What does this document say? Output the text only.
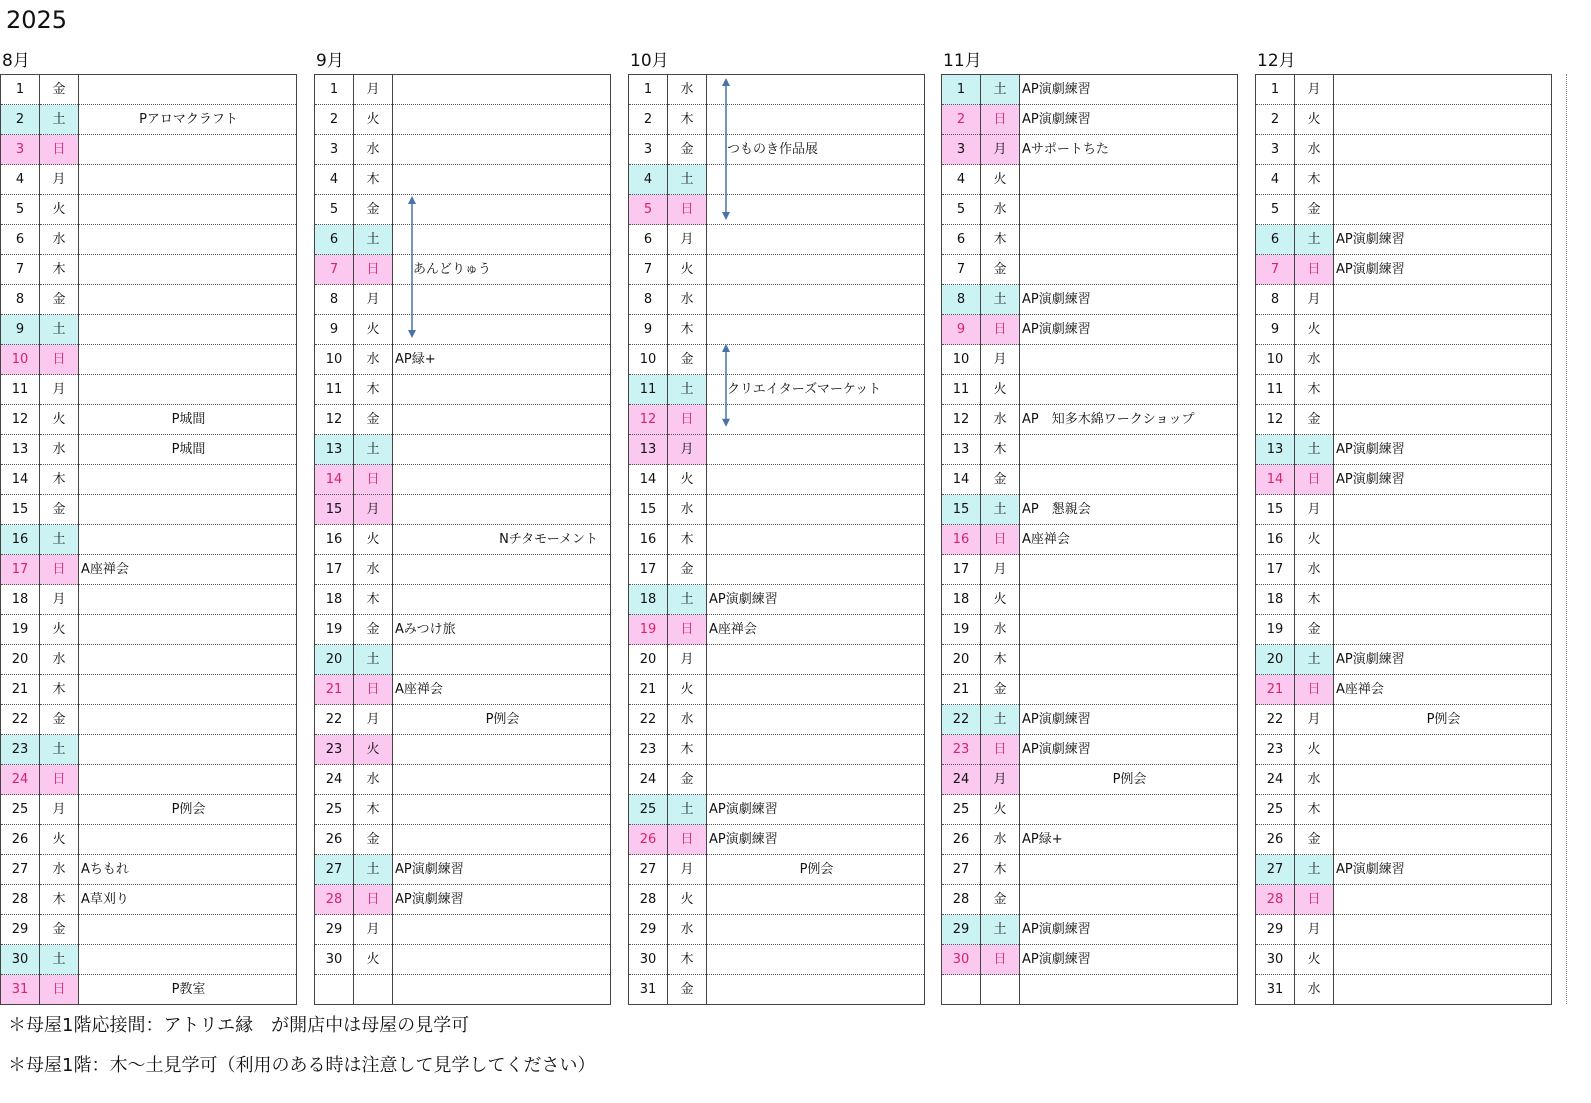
2025
8月
1	金	
2	土	Pアロマクラフト
3	日	
4	月	
5	火	
6	水	
7	木	
8	金	
9	土	
10	日	
11	月	
12	火	P城間
13	水	P城間
14	木	
15	金	
16	土	
17	日	A座禅会
18	月	
19	火	
20	水	
21	木	
22	金	
23	土	
24	日	
25	月	P例会
26	火	
27	水	Aちもれ
28	木	A草刈り
29	金	
30	土	
31	日	P教室
9月
1	月	
2	火	
3	水	
4	木	
5	金	
6	土	
7	日	あんどりゅう
8	月	
9	火	
10	水	AP緑+
11	木	
12	金	
13	土	
14	日	
15	月	
16	火	Nチタモーメント
17	水	
18	木	
19	金	Aみつけ旅
20	土	
21	日	A座禅会
22	月	P例会
23	火	
24	水	
25	木	
26	金	
27	土	AP演劇練習
28	日	AP演劇練習
29	月	
30	火	

10月
1	水	
2	木	
3	金	つものき作品展
4	土	
5	日	
6	月	
7	火	
8	水	
9	木	
10	金	
11	土	クリエイターズマーケット
12	日	
13	月	
14	火	
15	水	
16	木	
17	金	
18	土	AP演劇練習
19	日	A座禅会
20	月	
21	火	
22	水	
23	木	
24	金	
25	土	AP演劇練習
26	日	AP演劇練習
27	月	P例会
28	火	
29	水	
30	木	
31	金	
11月
1	土	AP演劇練習
2	日	AP演劇練習
3	月	Aサポートちた
4	火	
5	水	
6	木	
7	金	
8	土	AP演劇練習
9	日	AP演劇練習
10	月	
11	火	
12	水	AP　知多木綿ワークショップ
13	木	
14	金	
15	土	AP　懇親会
16	日	A座禅会
17	月	
18	火	
19	水	
20	木	
21	金	
22	土	AP演劇練習
23	日	AP演劇練習
24	月	P例会
25	火	
26	水	AP緑+
27	木	
28	金	
29	土	AP演劇練習
30	日	AP演劇練習

12月
1	月	
2	火	
3	水	
4	木	
5	金	
6	土	AP演劇練習
7	日	AP演劇練習
8	月	
9	火	
10	水	
11	木	
12	金	
13	土	AP演劇練習
14	日	AP演劇練習
15	月	
16	火	
17	水	
18	木	
19	金	
20	土	AP演劇練習
21	日	A座禅会
22	月	P例会
23	火	
24	水	
25	木	
26	金	
27	土	AP演劇練習
28	日	
29	月	
30	火	
31	水	
＊母屋1階応接間：アトリエ縁　が開店中は母屋の見学可
＊母屋1階：木～土見学可（利用のある時は注意して見学してください）
